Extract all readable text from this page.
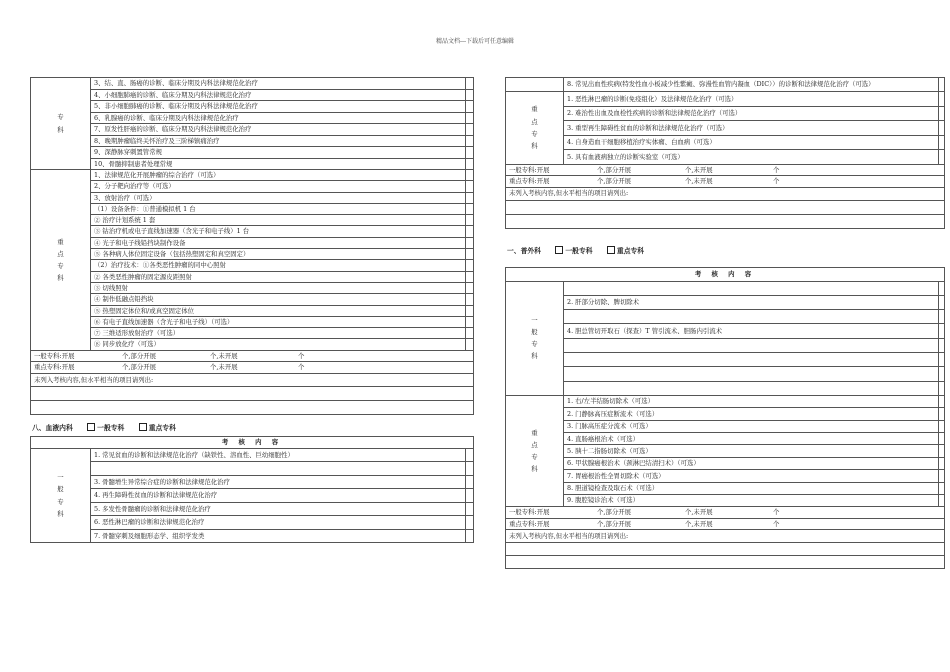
精品文档---下载后可任意编辑
专
科	3、结、直、肠癌的诊断、临床分期及内科法律规范化治疗	
	4、小细胞肺癌的诊断、临床分期及内科法律规范化治疗	
	5、非小细胞肺癌的诊断、临床分期及内科法律规范化治疗	
	6、乳腺癌的诊断、临床分期及内科法律规范化治疗	
	7、原发性肝癌的诊断、临床分期及内科法律规范化治疗	
	8、晚期肿瘤临终关怀治疗及三阶梯镇痛治疗	
	9、深静脉穿刺置管常规	
	10、骨髓抑制患者处理常规	
重
点
专
科	1、法律规范化开展肿瘤的综合治疗（可选）	
	2、分子靶向治疗等（可选）	
	3、放射治疗（可选）	
	（1）设备条件：①普通模拟机 1 台	
	② 治疗计划系统 1 套	
	③ 钴治疗机或电子直线加速器（含光子和电子线）1 台	
	④ 光子和电子线铅挡块制作设备	
	⑤ 各种病人体位固定设备（包括热塑固定和真空固定）	
	（2）治疗技术：①各类恶性肿瘤的同中心照射	
	② 各类恶性肿瘤的固定源皮距照射	
	③ 切线照射	
	④ 制作低融点铅挡块	
	⑤ 热塑固定体位和/或真空固定体位	
	⑥ 有电子直线加速器（含光子和电子线）（可选）	
	⑦ 三维适形放射治疗（可选）	
	⑧ 同步放化疗（可选）	
一般专科:开展 个,部分开展 个,未开展 个		
重点专科:开展 个,部分开展 个,未开展 个		
未列入考核内容,但水平相当的项目请列出:		

八、血液内科	一般专科	重点专科
考 核 内 容		
一
般
专
科	1. 常见贫血的诊断和法律规范化治疗（缺铁性、溶血性、巨幼细胞性）	

	3. 骨髓增生异常综合症的诊断和法律规范化治疗	
	4. 再生障碍性贫血的诊断和法律规范化治疗	
	5. 多发性骨髓瘤的诊断和法律规范化治疗	
	6. 恶性淋巴瘤的诊断和法律规范化治疗	
	7. 骨髓穿刺及细胞形态学、组织学发类	
	8. 常见出血性疾病(特发性血小板减少性紫癜、弥漫性血管内凝血（DIC））的诊断和法律规范化治疗（可选）	
重
点
专
科	1. 恶性淋巴瘤的诊断(免疫组化）及法律规范化治疗（可选）	
	2. 难治性出血及血栓性疾病的诊断和法律规范化治疗（可选）	
	3. 重型再生障碍性贫血的诊断和法律规范化治疗（可选）	
	4. 自身造血干细胞移植治疗实体瘤、白血病（可选）	
	5. 具有血液病独立的诊断实验室（可选）	
一般专科:开展 个,部分开展 个,未开展 个		
重点专科:开展 个,部分开展 个,未开展 个		
未列入考核内容,但水平相当的项目请列出:		

一、普外科	一般专科	重点专科
考 核 内 容		
一
般
专
科		
	2. 肝部分切除、脾切除术	

	4. 胆总管切开取石（探查）T 管引流术、胆肠内引流术	

重
点
专
科	1. 右/左半结肠切除术（可选）	
	2. 门静脉高压症断流术（可选）	
	3. 门脉高压症分流术（可选）	
	4. 直肠癌根治术（可选）	
	5. 胰十二指肠切除术（可选）	
	6. 甲状腺癌根治术（颈淋巴结清扫术）（可选）	
	7. 胃癌根治性全胃切除术（可选）	
	8. 胆道镜检查及取石术（可选）	
	9. 腹腔镜诊治术（可选）	
一般专科:开展 个,部分开展 个,未开展 个		
重点专科:开展 个,部分开展 个,未开展 个		
未列入考核内容,但水平相当的项目请列出:		
